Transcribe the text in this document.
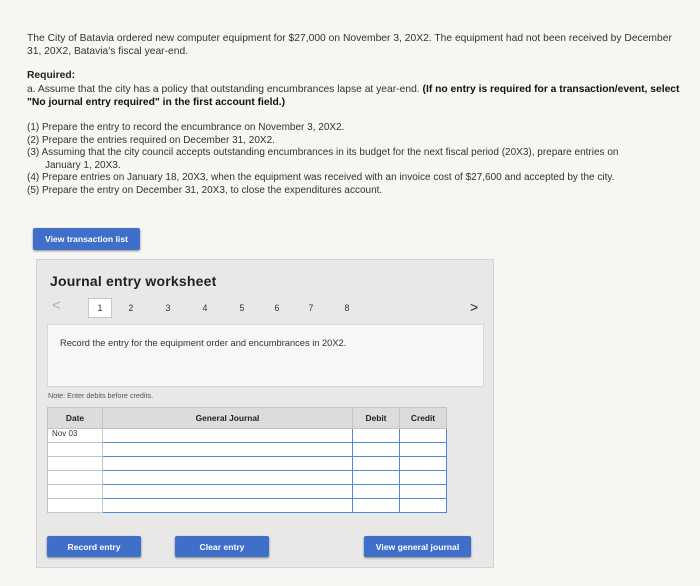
The City of Batavia ordered new computer equipment for $27,000 on November 3, 20X2. The equipment had not been received by December 31, 20X2, Batavia's fiscal year-end.
Required:
a. Assume that the city has a policy that outstanding encumbrances lapse at year-end. (If no entry is required for a transaction/event, select "No journal entry required" in the first account field.)
(1) Prepare the entry to record the encumbrance on November 3, 20X2.
(2) Prepare the entries required on December 31, 20X2.
(3) Assuming that the city council accepts outstanding encumbrances in its budget for the next fiscal period (20X3), prepare entries on
January 1, 20X3.
(4) Prepare entries on January 18, 20X3, when the equipment was received with an invoice cost of $27,600 and accepted by the city.
(5) Prepare the entry on December 31, 20X3, to close the expenditures account.
View transaction list
Journal entry worksheet
<	1	2	3	4	5	6	7	8	>
Record the entry for the equipment order and encumbrances in 20X2.
Note: Enter debits before credits.
Date	General Journal	Debit	Credit
Nov 03			

Record entry	Clear entry	View general journal
